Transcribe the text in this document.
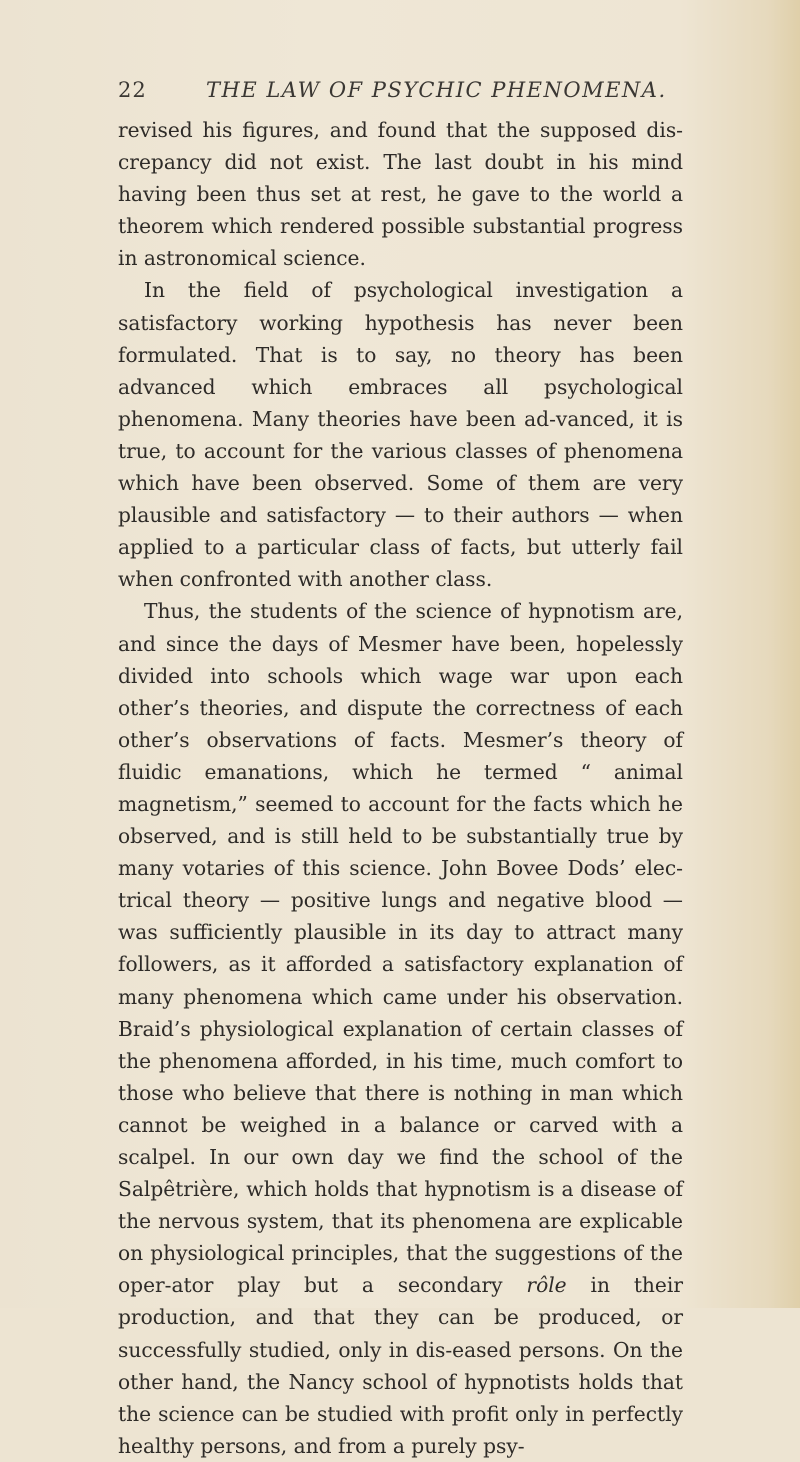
22	THE LAW OF PSYCHIC PHENOMENA.

revised his figures, and found that the supposed dis-crepancy did not exist. The last doubt in his mind having been thus set at rest, he gave to the world a theorem which rendered possible substantial progress in astronomical science.

In the field of psychological investigation a satisfactory working hypothesis has never been formulated. That is to say, no theory has been advanced which embraces all psychological phenomena. Many theories have been ad-vanced, it is true, to account for the various classes of phenomena which have been observed. Some of them are very plausible and satisfactory — to their authors — when applied to a particular class of facts, but utterly fail when confronted with another class.

Thus, the students of the science of hypnotism are, and since the days of Mesmer have been, hopelessly divided into schools which wage war upon each other’s theories, and dispute the correctness of each other’s observations of facts. Mesmer’s theory of fluidic emanations, which he termed “ animal magnetism,” seemed to account for the facts which he observed, and is still held to be substantially true by many votaries of this science. John Bovee Dods’ elec-trical theory — positive lungs and negative blood — was sufficiently plausible in its day to attract many followers, as it afforded a satisfactory explanation of many phenomena which came under his observation. Braid’s physiological explanation of certain classes of the phenomena afforded, in his time, much comfort to those who believe that there is nothing in man which cannot be weighed in a balance or carved with a scalpel. In our own day we find the school of the Salpêtrière, which holds that hypnotism is a disease of the nervous system, that its phenomena are explicable on physiological principles, that the suggestions of the oper-ator play but a secondary rôle in their production, and that they can be produced, or successfully studied, only in dis-eased persons. On the other hand, the Nancy school of hypnotists holds that the science can be studied with profit only in perfectly healthy persons, and from a purely psy-
